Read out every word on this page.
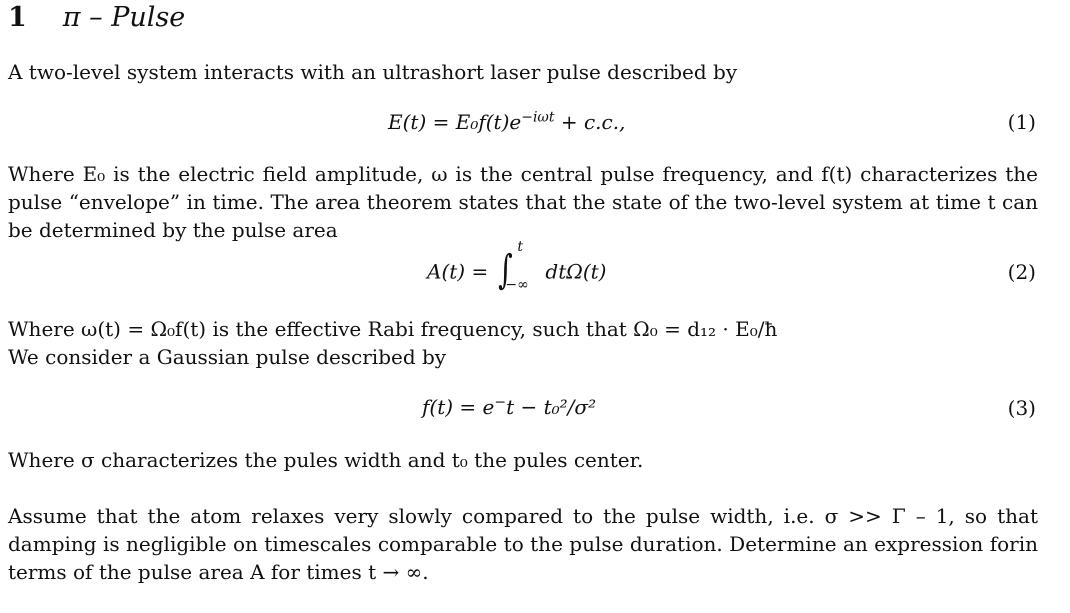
1 π – Pulse
A two-level system interacts with an ultrashort laser pulse described by
$E(t) = E_0f(t)e^{-i\omega t} + c.c$.,	(1)
Where E₀ is the electric field amplitude, ω is the central pulse frequency, and f(t) characterizes the pulse “envelope” in time. The area theorem states that the state of the two-level system at time t can be determined by the pulse area
A(t) = ∫ t
−∞
dtΩ(t)	(2)
Where ω(t) = Ω₀f(t) is the effective Rabi frequency, such that Ω₀ = d₁₂ · E₀/ħ
We consider a Gaussian pulse described by
f(t) = e−t − t₀²/σ²	(3)
Where σ characterizes the pules width and t₀ the pules center.
Assume that the atom relaxes very slowly compared to the pulse width, i.e. σ >> Γ – 1, so that damping is negligible on timescales comparable to the pulse duration. Determine an expression forin terms of the pulse area A for times t → ∞.
